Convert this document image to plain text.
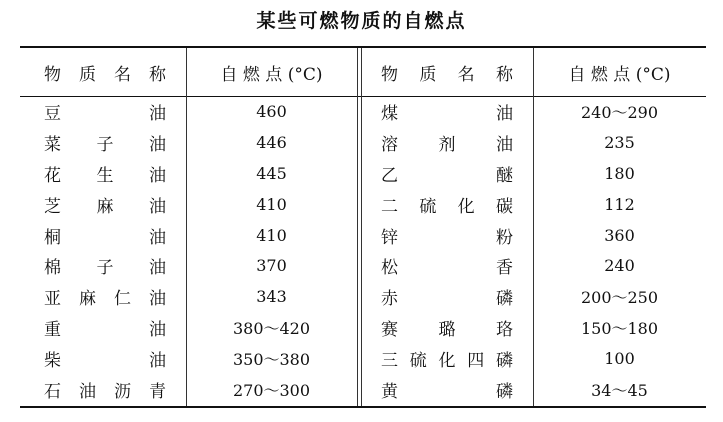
某些可燃物质的自燃点
物 质 名 称	自 燃 点 (°C)	物 质 名 称	自 燃 点 (°C)
豆 油	460	煤 油	240～290
菜 子 油	446	溶 剂 油	235
花 生 油	445	乙 醚	180
芝 麻 油	410	二 硫 化 碳	112
桐 油	410	锌 粉	360
棉 子 油	370	松 香	240
亚 麻 仁 油	343	赤 磷	200～250
重 油	380～420	赛 璐 珞	150～180
柴 油	350～380	三 硫 化 四 磷	100
石 油 沥 青	270～300	黄 磷	34～45
